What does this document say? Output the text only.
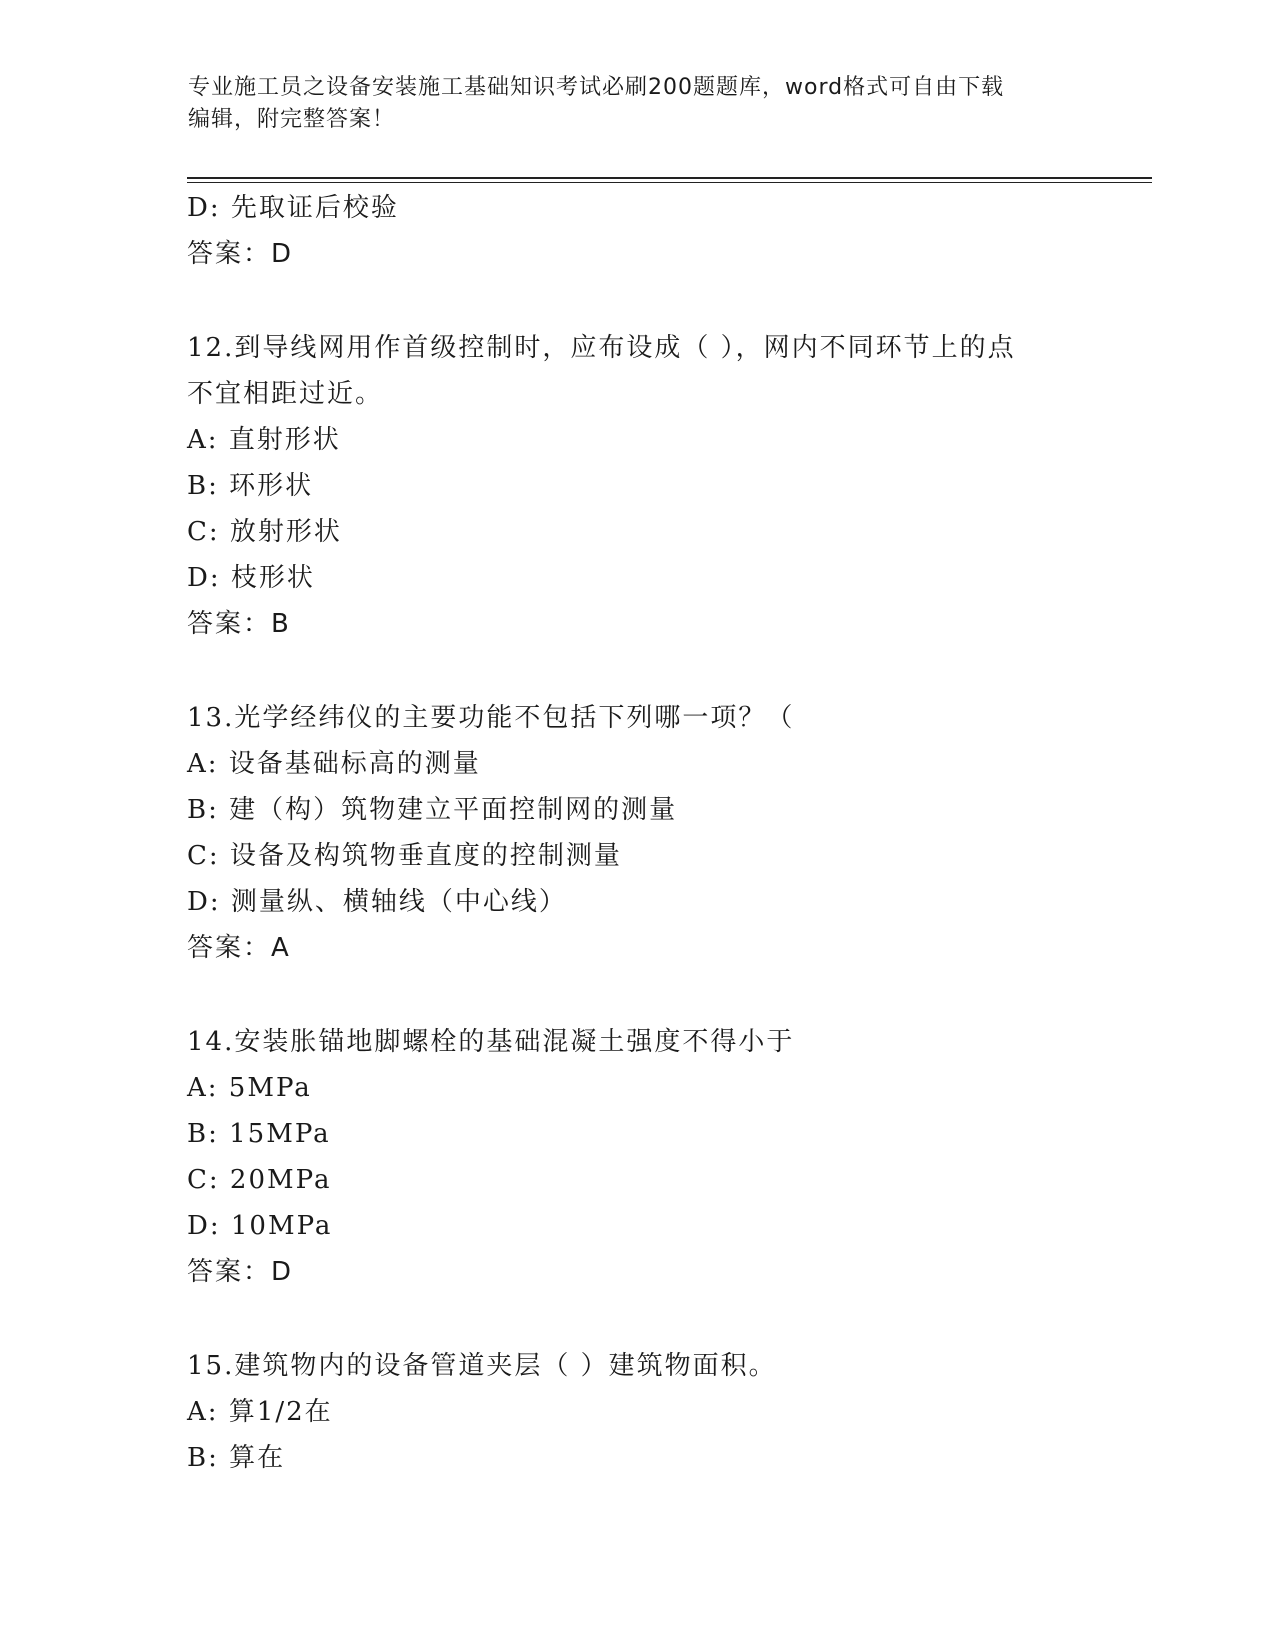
专业施工员之设备安装施工基础知识考试必刷200题题库，word格式可自由下载
编辑，附完整答案！
D: 先取证后校验
答案：D
12.到导线网用作首级控制时，应布设成（ ），网内不同环节上的点
不宜相距过近。
A: 直射形状
B: 环形状
C: 放射形状
D: 枝形状
答案：B
13.光学经纬仪的主要功能不包括下列哪一项？（
A: 设备基础标高的测量
B: 建（构）筑物建立平面控制网的测量
C: 设备及构筑物垂直度的控制测量
D: 测量纵、横轴线（中心线）
答案：A
14.安装胀锚地脚螺栓的基础混凝土强度不得小于
A: 5MPa
B: 15MPa
C: 20MPa
D: 10MPa
答案：D
15.建筑物内的设备管道夹层（ ）建筑物面积。
A: 算1/2在
B: 算在
